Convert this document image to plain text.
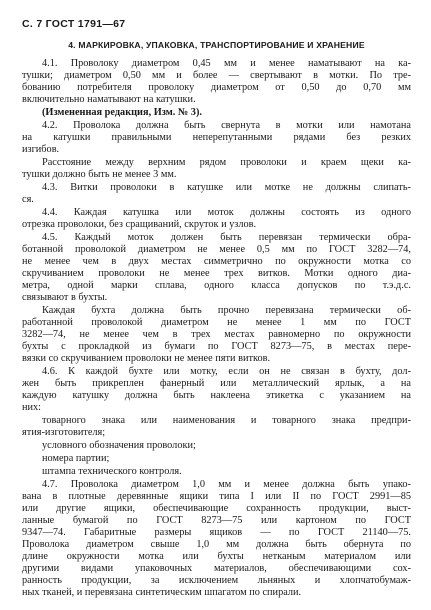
С. 7 ГОСТ 1791—67
4. МАРКИРОВКА, УПАКОВКА, ТРАНСПОРТИРОВАНИЕ И ХРАНЕНИЕ
4.1. Проволоку диаметром 0,45 мм и менее наматывают на ка-
тушки; диаметром 0,50 мм и более — свертывают в мотки. По тре-
бованию потребителя проволоку диаметром от 0,50 до 0,70 мм
включительно наматывают на катушки.
(Измененная редакция, Изм. № 3).
4.2. Проволока должна быть свернута в мотки или намотана
на катушки правильными неперепутанными рядами без резких
изгибов.
Расстояние между верхним рядом проволоки и краем щеки ка-
тушки должно быть не менее 3 мм.
4.3. Витки проволоки в катушке или мотке не должны слипать-
ся.
4.4. Каждая катушка или моток должны состоять из одного
отрезка проволоки, без сращиваний, скруток и узлов.
4.5. Каждый моток должен быть перевязан термически обра-
ботанной проволокой диаметром не менее 0,5 мм по ГОСТ 3282—74,
не менее чем в двух местах симметрично по окружности мотка со
скручиванием проволоки не менее трех витков. Мотки одного диа-
метра, одной марки сплава, одного класса допусков по т.э.д.с.
связывают в бухты.
Каждая бухта должна быть прочно перевязана термически об-
работанной проволокой диаметром не менее 1 мм по ГОСТ
3282—74, не менее чем в трех местах равномерно по окружности
бухты с прокладкой из бумаги по ГОСТ 8273—75, в местах пере-
вязки со скручиванием проволоки не менее пяти витков.
4.6. К каждой бухте или мотку, если он не связан в бухту, дол-
жен быть прикреплен фанерный или металлический ярлык, а на
каждую катушку должна быть наклеена этикетка с указанием на
них:
товарного знака или наименования и товарного знака предпри-
ятия-изготовителя;
условного обозначения проволоки;
номера партии;
штампа технического контроля.
4.7. Проволока диаметром 1,0 мм и менее должна быть упако-
вана в плотные деревянные ящики типа I или II по ГОСТ 2991—85
или другие ящики, обеспечивающие сохранность продукции, выст-
ланные бумагой по ГОСТ 8273—75 или картоном по ГОСТ
9347—74. Габаритные размеры ящиков — по ГОСТ 21140—75.
Проволока диаметром свыше 1,0 мм должна быть обернута по
длине окружности мотка или бухты нетканым материалом или
другими видами упаковочных материалов, обеспечивающими сох-
ранность продукции, за исключением льняных и хлопчатобумаж-
ных тканей, и перевязана синтетическим шпагатом по спирали.
